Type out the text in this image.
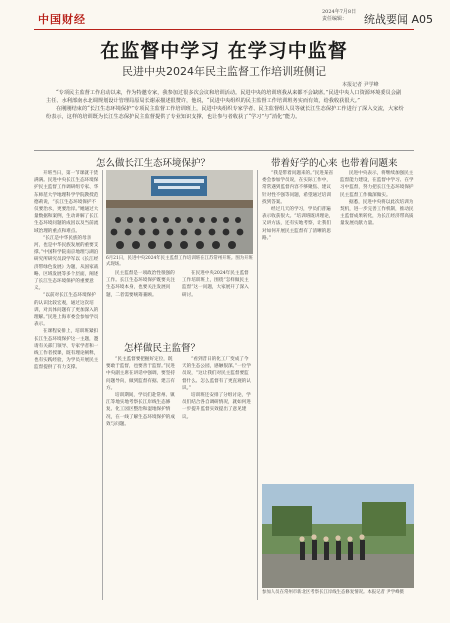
中国财经
2024年7月8日
责任编辑：	统战要闻 A05
在监督中学习 在学习中监督
民进中央2024年民主监督工作培训班侧记
本报记者 尹学峰

“专项民主监督工作启动以来，作为特邀专家，我参加过很多次会议和培训活动。民进中央的培训班我从来都不会缺席。”民进中央人口资源环境委员会副主任、水利部南水北调规划设计管理局原局长谢汞描述很赞许，他说，“民进中央组织的民主监督工作培训班务实而有效，给我收获很大。”

在刚刚结束的“长江生态环境保护”专项民主监督工作培训班上，民进中央组织专家学者、民主监督组人员等就长江生态保护工作进行了深入交流，大家纷纷表示，这样的培训既为长江生态保护民主监督提供了专业知识支撑，也让参与者收获了“学习”与“消化”能力。

怎么做长江生态环境保护？	带着好学的心来 也带着问题来

开班当日，第一节课就干货满满。民进中央长江生态环境保护民主监督工作调研组专家、华东师范大学地理科学学院教授范德莉说，“长江生态环境保护不仅要治水，更要治岸。”她通过大量数据和案例，生动讲解了长江生态环境问题的成因以及当前流域治理的重点和难点。

“长江是中华民族的母亲河，也是中华民族发展的重要支撑。”中国科学院南京地理与湖泊研究所研究员段学军以《长江经济带绿色发展》为题，从国家战略、区域发展等多个层面，阐述了长江生态环境保护的重要意义。

“以前对长江生态环境保护的认识比较宏观，通过这次培训，对具体问题有了更加深入的理解。”民进上海市委会参加学员表示。

在课程安排上，培训班紧扣长江生态环境保护这一主题，邀请有关部门领导、专家学者和一线工作者授课，既有理论阐释，也有实践经验，为学员开展民主监督提供了有力支撑。

6月21日，民进中央2024年民主监督工作培训班在江苏常州开班。图为开班式现场。

民主监督是一项政治性很强的工作。长江生态环境保护既要关注生态环境本身，也要关注发展问题，二者需要统筹兼顾。

在民进中央2024年民主监督工作培训班上，围绕“怎样做民主监督”这一问题，大家展开了深入研讨。

怎样做民主监督？

“民主监督要把握好定位，既要敢于监督，也要善于监督。”民进中央副主席在讲话中强调，要坚持问题导向，做到监督有据、建言有方。

培训期间，学员们赴常州、镇江等地实地考察长江岸线生态修复、化工园区整治和湿地保护情况，在一线了解生态环境保护的成效与问题。

“看到昔日的化工厂变成了今天的生态公园，感触很深。”一位学员说，“这让我们对民主监督要监督什么、怎么监督有了更直观的认识。”

培训班还安排了分组讨论，学员们结合各自调研情况，就如何进一步提升监督实效提出了意见建议。

“我是带着问题来的。”民进某省委会参加学员说，在实际工作中，常常遇到监督内容不够聚焦、建议针对性不强等问题，希望通过培训找到答案。

经过几天的学习，学员们普遍表示收获很大。“培训班既讲理论，又讲方法，还有实地考察，让我们对如何开展民主监督有了清晰的思路。”

民进中央表示，将继续加强民主监督能力建设，在监督中学习、在学习中监督，努力把长江生态环境保护民主监督工作做深做实。

据悉，民进中央将以此次培训为契机，进一步完善工作机制，推动民主监督成果转化，为长江经济带高质量发展贡献力量。

参加人员在常州市新北区考察长江岸线生态修复情况。本报记者 尹学峰摄
